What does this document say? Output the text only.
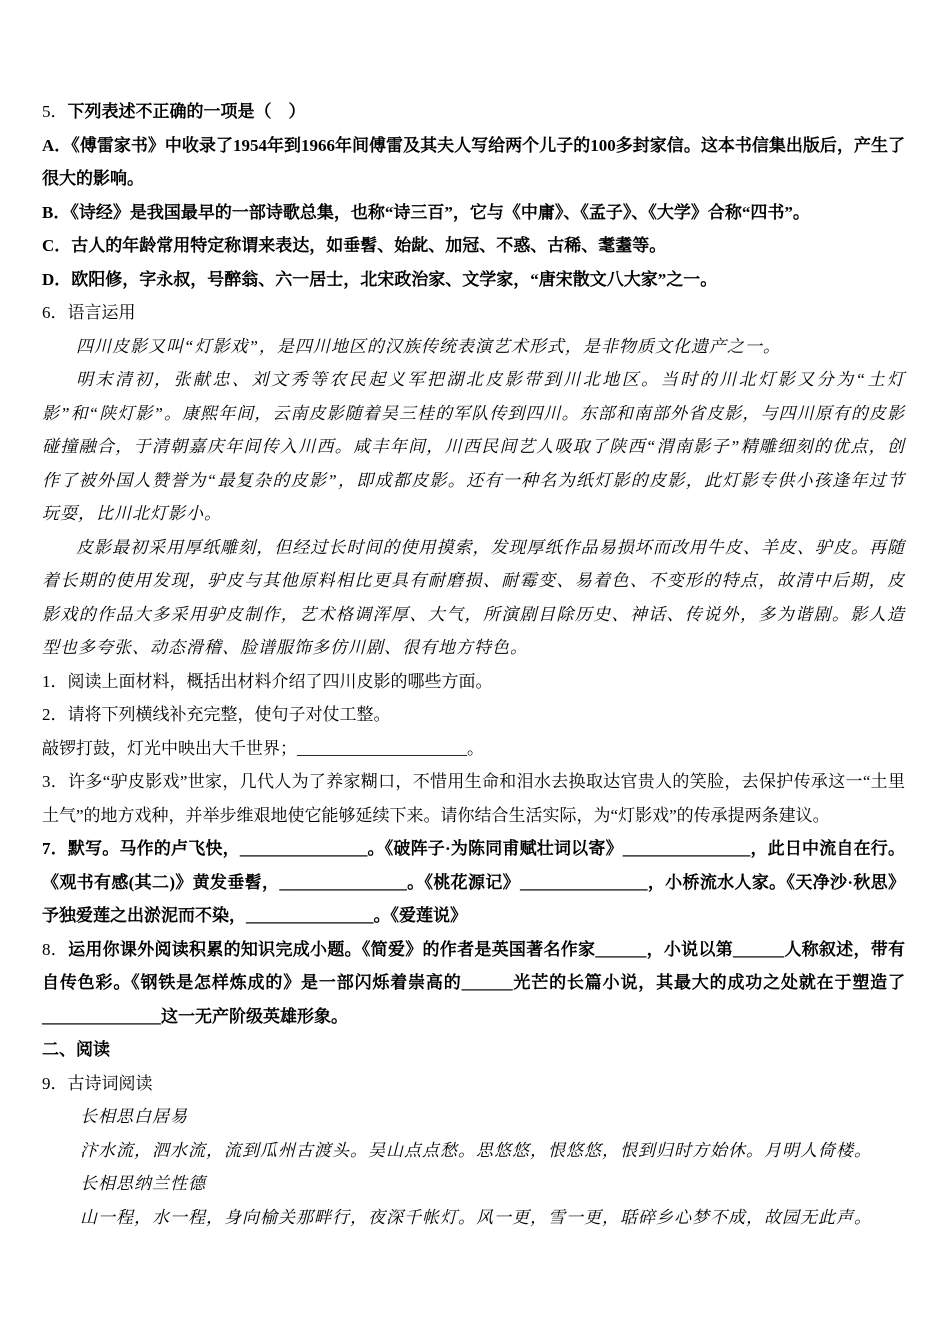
5．下列表述不正确的一项是（　）

A．《傅雷家书》中收录了1954年到1966年间傅雷及其夫人写给两个儿子的100多封家信。这本书信集出版后，产生了很大的影响。

B．《诗经》是我国最早的一部诗歌总集，也称“诗三百”，它与《中庸》、《孟子》、《大学》合称“四书”。

C．古人的年龄常用特定称谓来表达，如垂髫、始龀、加冠、不惑、古稀、耄耋等。

D．欧阳修，字永叔，号醉翁、六一居士，北宋政治家、文学家，“唐宋散文八大家”之一。

6．语言运用

四川皮影又叫“灯影戏”，是四川地区的汉族传统表演艺术形式，是非物质文化遗产之一。

明末清初，张献忠、刘文秀等农民起义军把湖北皮影带到川北地区。当时的川北灯影又分为“土灯影”和“陕灯影”。康熙年间，云南皮影随着吴三桂的军队传到四川。东部和南部外省皮影，与四川原有的皮影碰撞融合，于清朝嘉庆年间传入川西。咸丰年间，川西民间艺人吸取了陕西“渭南影子”精雕细刻的优点，创作了被外国人赞誉为“最复杂的皮影”，即成都皮影。还有一种名为纸灯影的皮影，此灯影专供小孩逢年过节玩耍，比川北灯影小。

皮影最初采用厚纸雕刻，但经过长时间的使用摸索，发现厚纸作品易损坏而改用牛皮、羊皮、驴皮。再随着长期的使用发现，驴皮与其他原料相比更具有耐磨损、耐霉变、易着色、不变形的特点，故清中后期，皮影戏的作品大多采用驴皮制作，艺术格调浑厚、大气，所演剧目除历史、神话、传说外，多为谐剧。影人造型也多夸张、动态滑稽、脸谱服饰多仿川剧、很有地方特色。

1．阅读上面材料，概括出材料介绍了四川皮影的哪些方面。

2．请将下列横线补充完整，使句子对仗工整。

敲锣打鼓，灯光中映出大千世界；____________________。

3．许多“驴皮影戏”世家，几代人为了养家糊口，不惜用生命和泪水去换取达官贵人的笑脸，去保护传承这一“土里土气”的地方戏种，并举步维艰地使它能够延续下来。请你结合生活实际，为“灯影戏”的传承提两条建议。

7．默写。马作的卢飞快，_______________。《破阵子·为陈同甫赋壮词以寄》_______________，此日中流自在行。《观书有感(其二)》黄发垂髫，_______________。《桃花源记》_______________，小桥流水人家。《天净沙·秋思》予独爱莲之出淤泥而不染，_______________。《爱莲说》

8．运用你课外阅读积累的知识完成小题。《简爱》的作者是英国著名作家______，小说以第______人称叙述，带有自传色彩。《钢铁是怎样炼成的》是一部闪烁着崇高的______光芒的长篇小说，其最大的成功之处就在于塑造了______________这一无产阶级英雄形象。

二、阅读

9．古诗词阅读

长相思白居易

汴水流，泗水流，流到瓜州古渡头。吴山点点愁。思悠悠，恨悠悠，恨到归时方始休。月明人倚楼。

长相思纳兰性德

山一程，水一程，身向榆关那畔行，夜深千帐灯。风一更，雪一更，聒碎乡心梦不成，故园无此声。
